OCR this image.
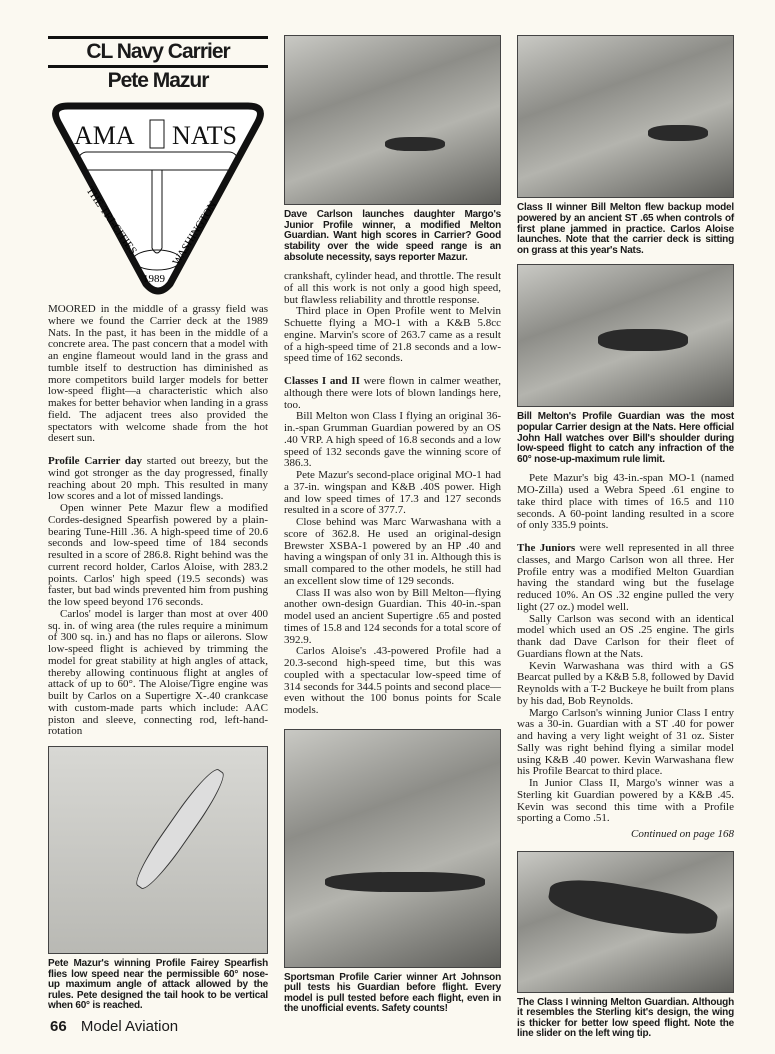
CL Navy Carrier
Pete Mazur
AMA NATS
THE TRI-CITIES	WASHINGTON
1989

MOORED in the middle of a grassy field was where we found the Carrier deck at the 1989 Nats. In the past, it has been in the middle of a concrete area. The past concern that a model with an engine flameout would land in the grass and tumble itself to destruction has diminished as more competitors build larger models for better low-speed flight—a characteristic which also makes for better behavior when landing in a grass field. The adjacent trees also provided the spectators with welcome shade from the hot desert sun.

Profile Carrier day started out breezy, but the wind got stronger as the day progressed, finally reaching about 20 mph. This resulted in many low scores and a lot of missed landings.

Open winner Pete Mazur flew a modified Cordes-designed Spearfish powered by a plain-bearing Tune-Hill .36. A high-speed time of 20.6 seconds and low-speed time of 184 seconds resulted in a score of 286.8. Right behind was the current record holder, Carlos Aloise, with 283.2 points. Carlos' high speed (19.5 seconds) was faster, but bad winds prevented him from pushing the low speed beyond 176 seconds.

Carlos' model is larger than most at over 400 sq. in. of wing area (the rules require a minimum of 300 sq. in.) and has no flaps or ailerons. Slow low-speed flight is achieved by trimming the model for great stability at high angles of attack, thereby allowing continuous flight at angles of attack of up to 60°. The Aloise/Tigre engine was built by Carlos on a Supertigre X-.40 crankcase with custom-made parts which include: AAC piston and sleeve, connecting rod, left-hand-rotation

Pete Mazur's winning Profile Fairey Spearfish flies low speed near the permissible 60° nose-up maximum angle of attack allowed by the rules. Pete designed the tail hook to be vertical when 60° is reached.
Dave Carlson launches daughter Margo's Junior Profile winner, a modified Melton Guardian. Want high scores in Carrier? Good stability over the wide speed range is an absolute necessity, says reporter Mazur.

crankshaft, cylinder head, and throttle. The result of all this work is not only a good high speed, but flawless reliability and throttle response.

Third place in Open Profile went to Melvin Schuette flying a MO-1 with a K&B 5.8cc engine. Marvin's score of 263.7 came as a result of a high-speed time of 21.8 seconds and a low-speed time of 162 seconds.

Classes I and II were flown in calmer weather, although there were lots of blown landings here, too.

Bill Melton won Class I flying an original 36-in.-span Grumman Guardian powered by an OS .40 VRP. A high speed of 16.8 seconds and a low speed of 132 seconds gave the winning score of 386.3.

Pete Mazur's second-place original MO-1 had a 37-in. wingspan and K&B .40S power. High and low speed times of 17.3 and 127 seconds resulted in a score of 377.7.

Close behind was Marc Warwashana with a score of 362.8. He used an original-design Brewster XSBA-1 powered by an HP .40 and having a wingspan of only 31 in. Although this is small compared to the other models, he still had an excellent slow time of 129 seconds.

Class II was also won by Bill Melton—flying another own-design Guardian. This 40-in.-span model used an ancient Supertigre .65 and posted times of 15.8 and 124 seconds for a total score of 392.9.

Carlos Aloise's .43-powered Profile had a 20.3-second high-speed time, but this was coupled with a spectacular low-speed time of 314 seconds for 344.5 points and second place—even without the 100 bonus points for Scale models.

Sportsman Profile Carier winner Art Johnson pull tests his Guardian before flight. Every model is pull tested before each flight, even in the unofficial events. Safety counts!
Class II winner Bill Melton flew backup model powered by an ancient ST .65 when controls of first plane jammed in practice. Carlos Aloise launches. Note that the carrier deck is sitting on grass at this year's Nats.
Bill Melton's Profile Guardian was the most popular Carrier design at the Nats. Here official John Hall watches over Bill's shoulder during low-speed flight to catch any infraction of the 60° nose-up-maximum rule limit.

Pete Mazur's big 43-in.-span MO-1 (named MO-Zilla) used a Webra Speed .61 engine to take third place with times of 16.5 and 110 seconds. A 60-point landing resulted in a score of only 335.9 points.

The Juniors were well represented in all three classes, and Margo Carlson won all three. Her Profile entry was a modified Melton Guardian having the standard wing but the fuselage reduced 10%. An OS .32 engine pulled the very light (27 oz.) model well.

Sally Carlson was second with an identical model which used an OS .25 engine. The girls thank dad Dave Carlson for their fleet of Guardians flown at the Nats.

Kevin Warwashana was third with a GS Bearcat pulled by a K&B 5.8, followed by David Reynolds with a T-2 Buckeye he built from plans by his dad, Bob Reynolds.

Margo Carlson's winning Junior Class I entry was a 30-in. Guardian with a ST .40 for power and having a very light weight of 31 oz. Sister Sally was right behind flying a similar model using K&B .40 power. Kevin Warwashana flew his Profile Bearcat to third place.

In Junior Class II, Margo's winner was a Sterling kit Guardian powered by a K&B .45. Kevin was second this time with a Profile sporting a Como .51.

Continued on page 168
The Class I winning Melton Guardian. Although it resembles the Sterling kit's design, the wing is thicker for better low speed flight. Note the line slider on the left wing tip.
66 Model Aviation
